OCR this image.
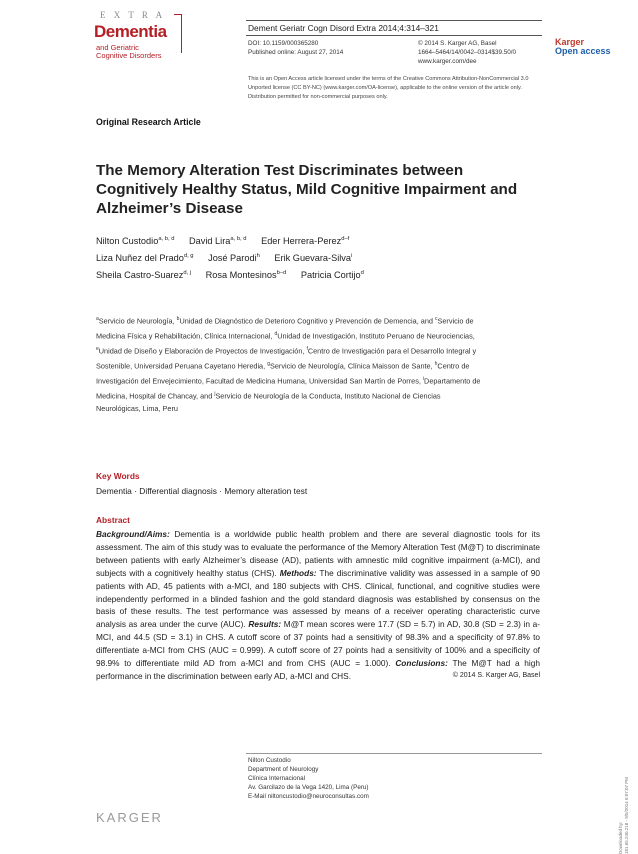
E X T R A
Dementia
and Geriatric
Cognitive Disorders
Dement Geriatr Cogn Disord Extra 2014;4:314–321
DOI: 10.1159/000365280
Published online: August 27, 2014
© 2014 S. Karger AG, Basel
1664–5464/14/0042–0314$39.50/0
www.karger.com/dee
Karger
Open access
This is an Open Access article licensed under the terms of the Creative Commons Attribution-NonCommercial 3.0 Unported license (CC BY-NC) (www.karger.com/OA-license), applicable to the online version of the article only. Distribution permitted for non-commercial purposes only.
Original Research Article
The Memory Alteration Test Discriminates between Cognitively Healthy Status, Mild Cognitive Impairment and Alzheimer’s Disease
Nilton Custodio$^{a, b, d}$ David Lira$^{a, b, d}$ Eder Herrera-Perez$^{d-f}$
Liza Nuñez del Prado$^{d, g}$ José Parodi$^h$ Erik Guevara-Silva$^i$
Sheila Castro-Suarez$^{d, j}$ Rosa Montesinos$^{b-d}$ Patricia Cortijo$^d$
$^a$Servicio de Neurología, $^b$Unidad de Diagnóstico de Deterioro Cognitivo y Prevención de Demencia, and $^c$Servicio de Medicina Física y Rehabilitación, Clínica Internacional, $^d$Unidad de Investigación, Instituto Peruano de Neurociencias, $^e$Unidad de Diseño y Elaboración de Proyectos de Investigación, $^f$Centro de Investigación para el Desarrollo Integral y Sostenible, Universidad Peruana Cayetano Heredia, $^g$Servicio de Neurología, Clínica Maisson de Sante, $^h$Centro de Investigación del Envejecimiento, Facultad de Medicina Humana, Universidad San Martín de Porres, $^i$Departamento de Medicina, Hospital de Chancay, and $^j$Servicio de Neurología de la Conducta, Instituto Nacional de Ciencias Neurológicas, Lima, Peru
Key Words
Dementia · Differential diagnosis · Memory alteration test
Abstract
Background/Aims: Dementia is a worldwide public health problem and there are several diagnostic tools for its assessment. The aim of this study was to evaluate the performance of the Memory Alteration Test (M@T) to discriminate between patients with early Alzheimer’s disease (AD), patients with amnestic mild cognitive impairment (a-MCI), and subjects with a cognitively healthy status (CHS). Methods: The discriminative validity was assessed in a sample of 90 patients with AD, 45 patients with a-MCI, and 180 subjects with CHS. Clinical, functional, and cognitive studies were independently performed in a blinded fashion and the gold standard diagnosis was established by consensus on the basis of these results. The test performance was assessed by means of a receiver operating characteristic curve analysis as area under the curve (AUC). Results: M@T mean scores were 17.7 (SD = 5.7) in AD, 30.8 (SD = 2.3) in a-MCI, and 44.5 (SD = 3.1) in CHS. A cutoff score of 37 points had a sensitivity of 98.3% and a specificity of 97.8% to differentiate a-MCI from CHS (AUC = 0.999). A cutoff score of 27 points had a sensitivity of 100% and a specificity of 98.9% to differentiate mild AD from a-MCI and from CHS (AUC = 1.000). Conclusions: The M@T had a high performance in the discrimination between early AD, a-MCI and CHS.	© 2014 S. Karger AG, Basel
Nilton Custodio
Department of Neurology
Clínica Internacional
Av. Garcilazo de la Vega 1420, Lima (Peru)
E-Mail niltoncustodio@neuroconsultas.com
KARGER
Downloaded by: 181.65.240.218 - 9/5/2014 6:07:07 PM
